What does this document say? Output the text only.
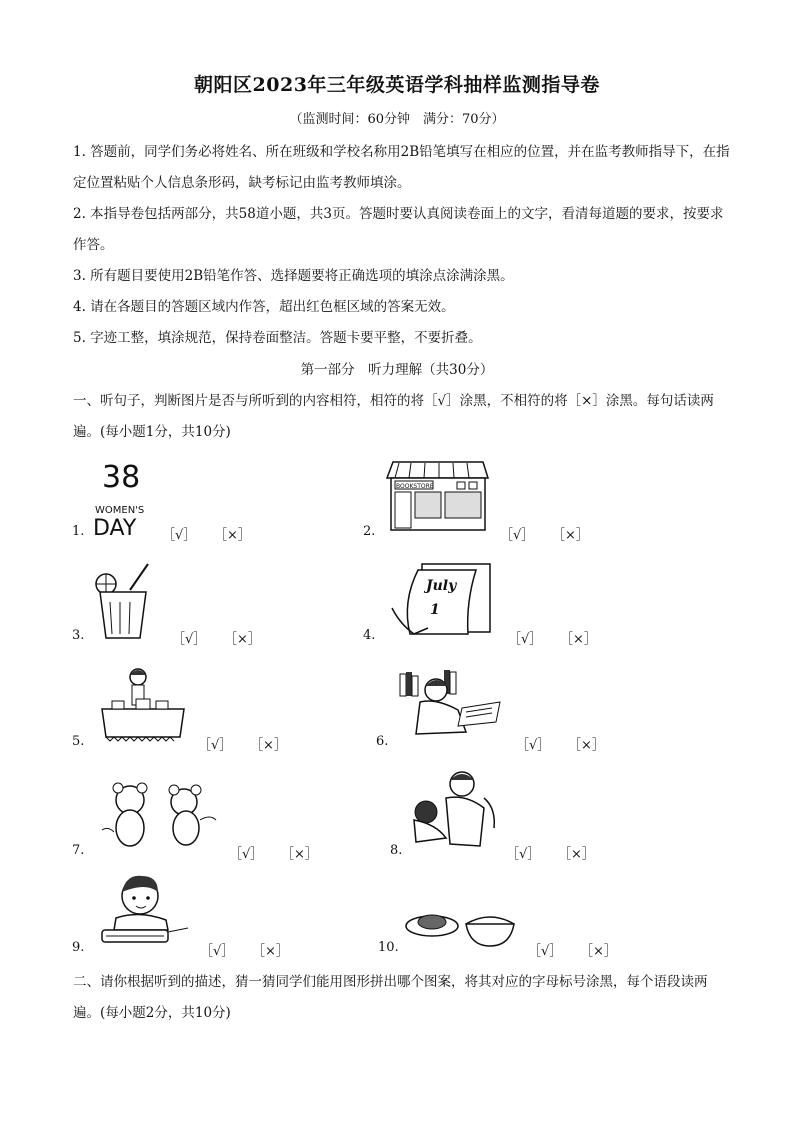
朝阳区2023年三年级英语学科抽样监测指导卷
（监测时间：60分钟　满分：70分）
1. 答题前，同学们务必将姓名、所在班级和学校名称用2B铅笔填写在相应的位置，并在监考教师指导下，在指定位置粘贴个人信息条形码，缺考标记由监考教师填涂。
2. 本指导卷包括两部分，共58道小题，共3页。答题时要认真阅读卷面上的文字，看清每道题的要求，按要求作答。
3. 所有题目要使用2B铅笔作答、选择题要将正确选项的填涂点涂满涂黑。
4. 请在各题目的答题区域内作答，超出红色框区域的答案无效。
5. 字迹工整，填涂规范，保持卷面整洁。答题卡要平整，不要折叠。
第一部分　听力理解（共30分）
一、听句子，判断图片是否与所听到的内容相符，相符的将［√］涂黑，不相符的将［×］涂黑。每句话读两遍。(每小题1分，共10分)
1.
38
WOMEN'S
DAY ［√］ ［×］	2.
BOOKSTORE
［√］ ［×］
3.	［√］ ［×］	4.
July
1
［√］ ［×］
5.	［√］ ［×］	6.	［√］ ［×］
7.	［√］ ［×］	8.	［√］ ［×］
9.	［√］ ［×］	10.	［√］ ［×］
二、请你根据听到的描述，猜一猜同学们能用图形拼出哪个图案，将其对应的字母标号涂黑，每个语段读两遍。(每小题2分，共10分)
